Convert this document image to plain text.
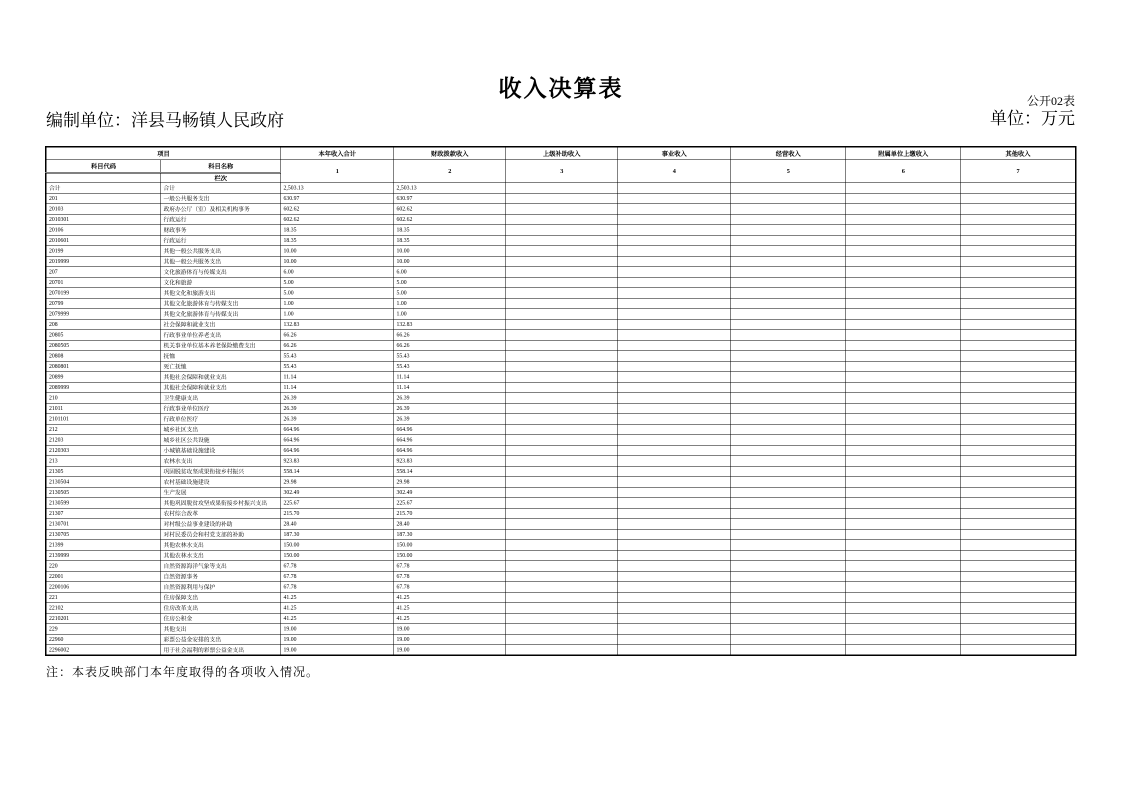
收入决算表	公开02表
编制单位：洋县马畅镇人民政府	单位：万元
项目		本年收入合计	财政拨款收入	上级补助收入	事业收入	经营收入	附属单位上缴收入	其他收入
科目代码	科目名称	1	2	3	4	5	6	7
	栏次							
合计	合计	2,503.13	2,503.13					
201	一般公共服务支出	630.97	630.97					
20103	政府办公厅（室）及相关机构事务	602.62	602.62					
2010301	行政运行	602.62	602.62					
20106	财政事务	18.35	18.35					
2010601	行政运行	18.35	18.35					
20199	其他一般公共服务支出	10.00	10.00					
2019999	其他一般公共服务支出	10.00	10.00					
207	文化旅游体育与传媒支出	6.00	6.00					
20701	文化和旅游	5.00	5.00					
2070199	其他文化和旅游支出	5.00	5.00					
20799	其他文化旅游体育与传媒支出	1.00	1.00					
2079999	其他文化旅游体育与传媒支出	1.00	1.00					
208	社会保障和就业支出	132.83	132.83					
20805	行政事业单位养老支出	66.26	66.26					
2080505	机关事业单位基本养老保险缴费支出	66.26	66.26					
20808	抚恤	55.43	55.43					
2080801	死亡抚恤	55.43	55.43					
20899	其他社会保障和就业支出	11.14	11.14					
2089999	其他社会保障和就业支出	11.14	11.14					
210	卫生健康支出	26.39	26.39					
21011	行政事业单位医疗	26.39	26.39					
2101101	行政单位医疗	26.39	26.39					
212	城乡社区支出	664.96	664.96					
21203	城乡社区公共设施	664.96	664.96					
2120303	小城镇基础设施建设	664.96	664.96					
213	农林水支出	923.83	923.83					
21305	巩固脱贫攻坚成果衔接乡村振兴	558.14	558.14					
2130504	农村基础设施建设	29.98	29.98					
2130505	生产发展	302.49	302.49					
2130599	其他巩固脱贫攻坚成果衔接乡村振兴支出	225.67	225.67					
21307	农村综合改革	215.70	215.70					
2130701	对村级公益事业建设的补助	28.40	28.40					
2130705	对村民委员会和村党支部的补助	187.30	187.30					
21399	其他农林水支出	150.00	150.00					
2139999	其他农林水支出	150.00	150.00					
220	自然资源海洋气象等支出	67.78	67.78					
22001	自然资源事务	67.78	67.78					
2200106	自然资源利用与保护	67.78	67.78					
221	住房保障支出	41.25	41.25					
22102	住房改革支出	41.25	41.25					
2210201	住房公积金	41.25	41.25					
229	其他支出	19.00	19.00					
22960	彩票公益金安排的支出	19.00	19.00					
2296002	用于社会福利的彩票公益金支出	19.00	19.00					
注：本表反映部门本年度取得的各项收入情况。
